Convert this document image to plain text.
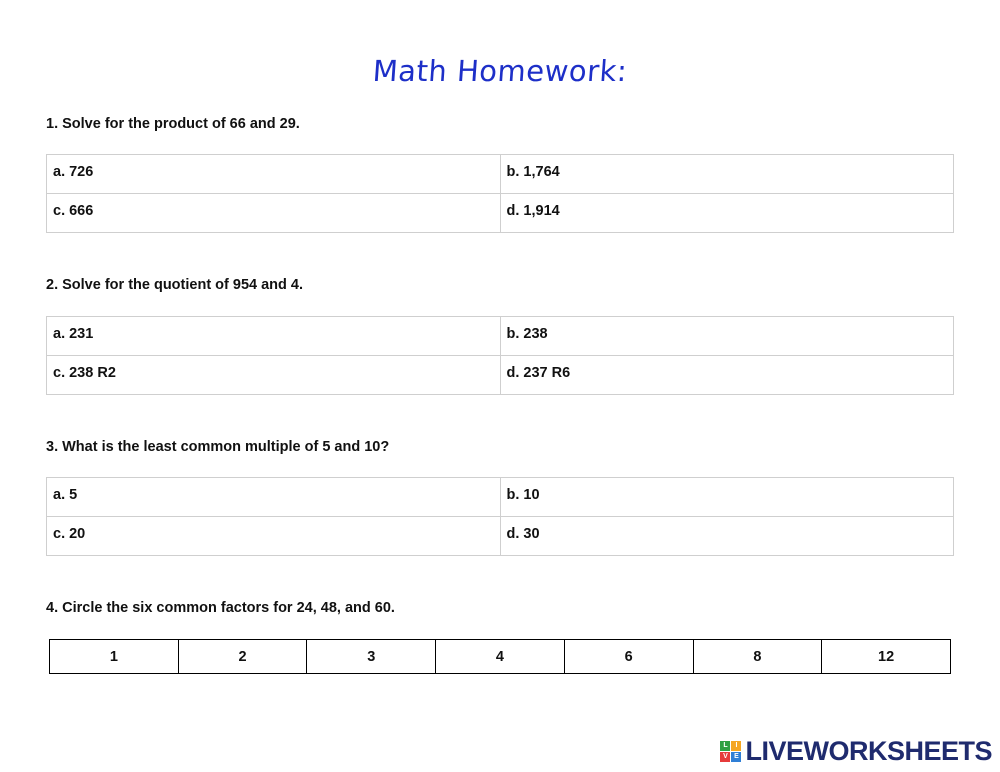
Math Homework:
1. Solve for the product of 66 and 29.
a. 726	b. 1,764
c. 666	d. 1,914
2. Solve for the quotient of 954 and 4.
a. 231	b. 238
c. 238 R2	d. 237 R6
3. What is the least common multiple of 5 and 10?
a. 5	b. 10
c. 20	d. 30
4. Circle the six common factors for 24, 48, and 60.
1	2	3	4	6	8	12
L	I
V E LIVEWORKSHEETS
